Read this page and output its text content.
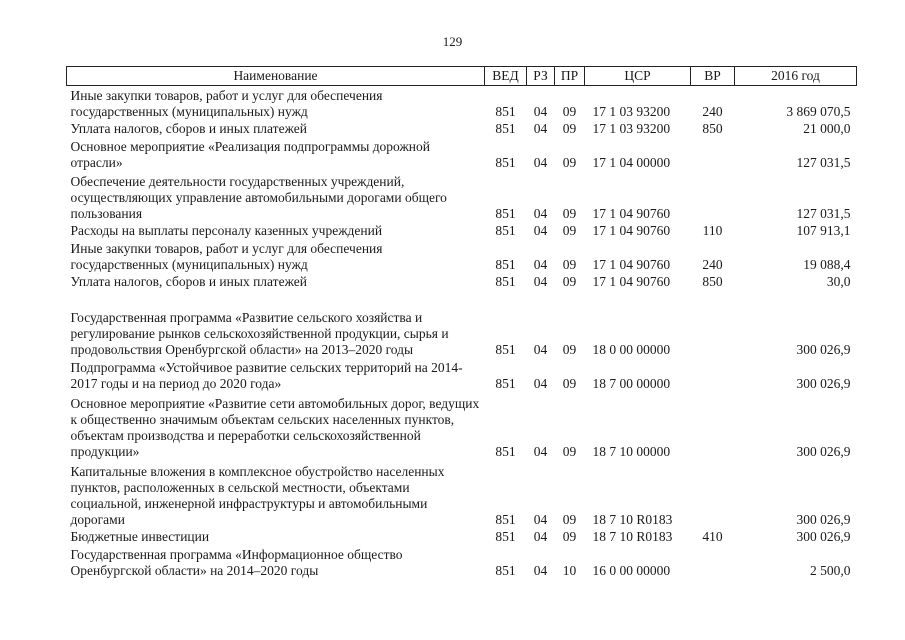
129
Наименование	ВЕД	РЗ	ПР	ЦСР	ВР	2016 год
Иные закупки товаров, работ и услуг для обеспечения государственных (муниципальных) нужд	851	04	09	17 1 03 93200	240	3 869 070,5
Уплата налогов, сборов и иных платежей	851	04	09	17 1 03 93200	850	21 000,0
Основное мероприятие «Реализация подпрограммы дорожной отрасли»	851	04	09	17 1 04 00000		127 031,5
Обеспечение деятельности государственных учреждений, осуществляющих управление автомобильными дорогами общего пользования	851	04	09	17 1 04 90760		127 031,5
Расходы на выплаты персоналу казенных учреждений	851	04	09	17 1 04 90760	110	107 913,1
Иные закупки товаров, работ и услуг для обеспечения государственных (муниципальных) нужд	851	04	09	17 1 04 90760	240	19 088,4
Уплата налогов, сборов и иных платежей	851	04	09	17 1 04 90760	850	30,0
Государственная программа «Развитие сельского хозяйства и регулирование рынков сельскохозяйственной продукции, сырья и продовольствия Оренбургской области» на 2013–2020 годы	851	04	09	18 0 00 00000		300 026,9
Подпрограмма «Устойчивое развитие сельских территорий на 2014-2017 годы и на период до 2020 года»	851	04	09	18 7 00 00000		300 026,9
Основное мероприятие «Развитие сети автомобильных дорог, ведущих к общественно значимым объектам сельских населенных пунктов, объектам производства и переработки сельскохозяйственной продукции»	851	04	09	18 7 10 00000		300 026,9
Капитальные вложения в комплексное обустройство населенных пунктов, расположенных в сельской местности, объектами социальной, инженерной инфраструктуры и автомобильными дорогами	851	04	09	18 7 10 R0183		300 026,9
Бюджетные инвестиции	851	04	09	18 7 10 R0183	410	300 026,9
Государственная программа «Информационное общество Оренбургской области» на 2014–2020 годы	851	04	10	16 0 00 00000		2 500,0
